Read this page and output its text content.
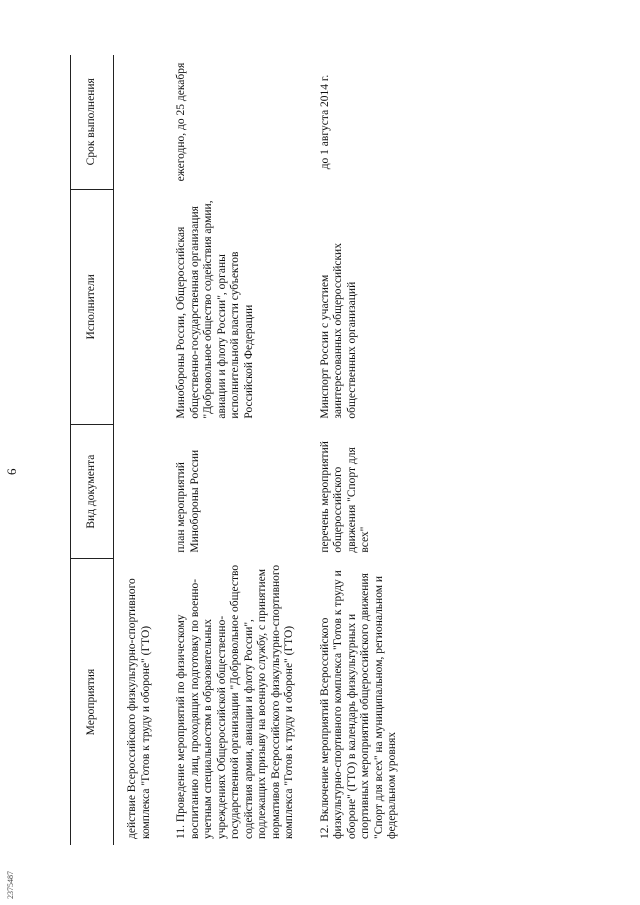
6
2375487
Мероприятия	Вид документа	Исполнители	Срок выполнения
действие Всероссийского физкультурно-спортивного комплекса "Готов к труду и обороне" (ГТО)			
11. Проведение мероприятий по физическому воспитанию лиц, проходящих подготовку по военно-учетным специальностям в образовательных учреждениях Общероссийской общественно-государственной организации "Добровольное общество содействия армии, авиации и флоту России", подлежащих призыву на военную службу, с принятием нормативов Всероссийского физкультурно-спортивного комплекса "Готов к труду и обороне" (ГТО)	план мероприятий Минобороны России	Минобороны России, Общероссийская общественно-государственная организация "Добровольное общество содействия армии, авиации и флоту России", органы исполнительной власти субъектов Российской Федерации	ежегодно, до 25 декабря
12. Включение мероприятий Всероссийского физкультурно-спортивного комплекса "Готов к труду и обороне" (ГТО) в календарь физкультурных и спортивных мероприятий общероссийского движения "Спорт для всех" на муниципальном, региональном и федеральном уровнях	перечень мероприятий общероссийского движения "Спорт для всех"	Минспорт России с участием заинтересованных общероссийских общественных организаций	до 1 августа 2014 г.
